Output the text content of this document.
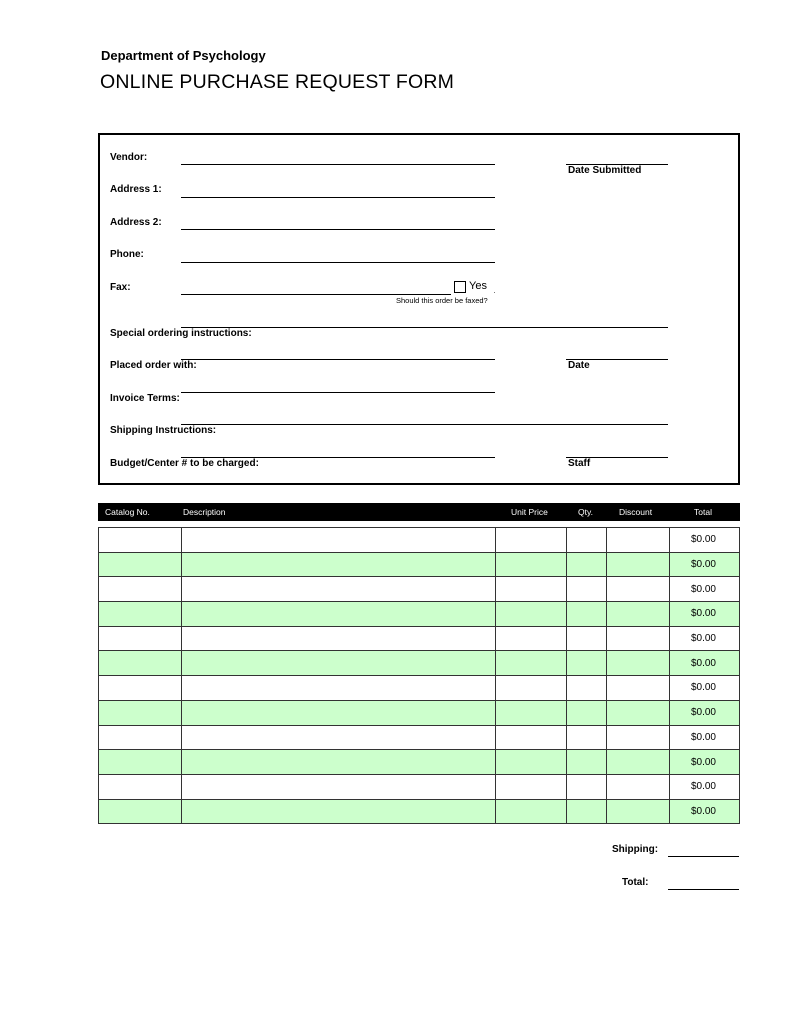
Department of Psychology
ONLINE PURCHASE REQUEST FORM
Vendor:
Address 1:
Address 2:
Phone:
Fax:	Yes
Should this order be faxed?
Date Submitted
Special ordering instructions:
Placed order with:	Date
Invoice Terms:
Shipping Instructions:
Budget/Center # to be charged:	Staff
Catalog No.	Description	Unit Price	Qty.	Discount	Total
					$0.00
					$0.00
					$0.00
					$0.00
					$0.00
					$0.00
					$0.00
					$0.00
					$0.00
					$0.00
					$0.00
					$0.00
Shipping:
Total:
